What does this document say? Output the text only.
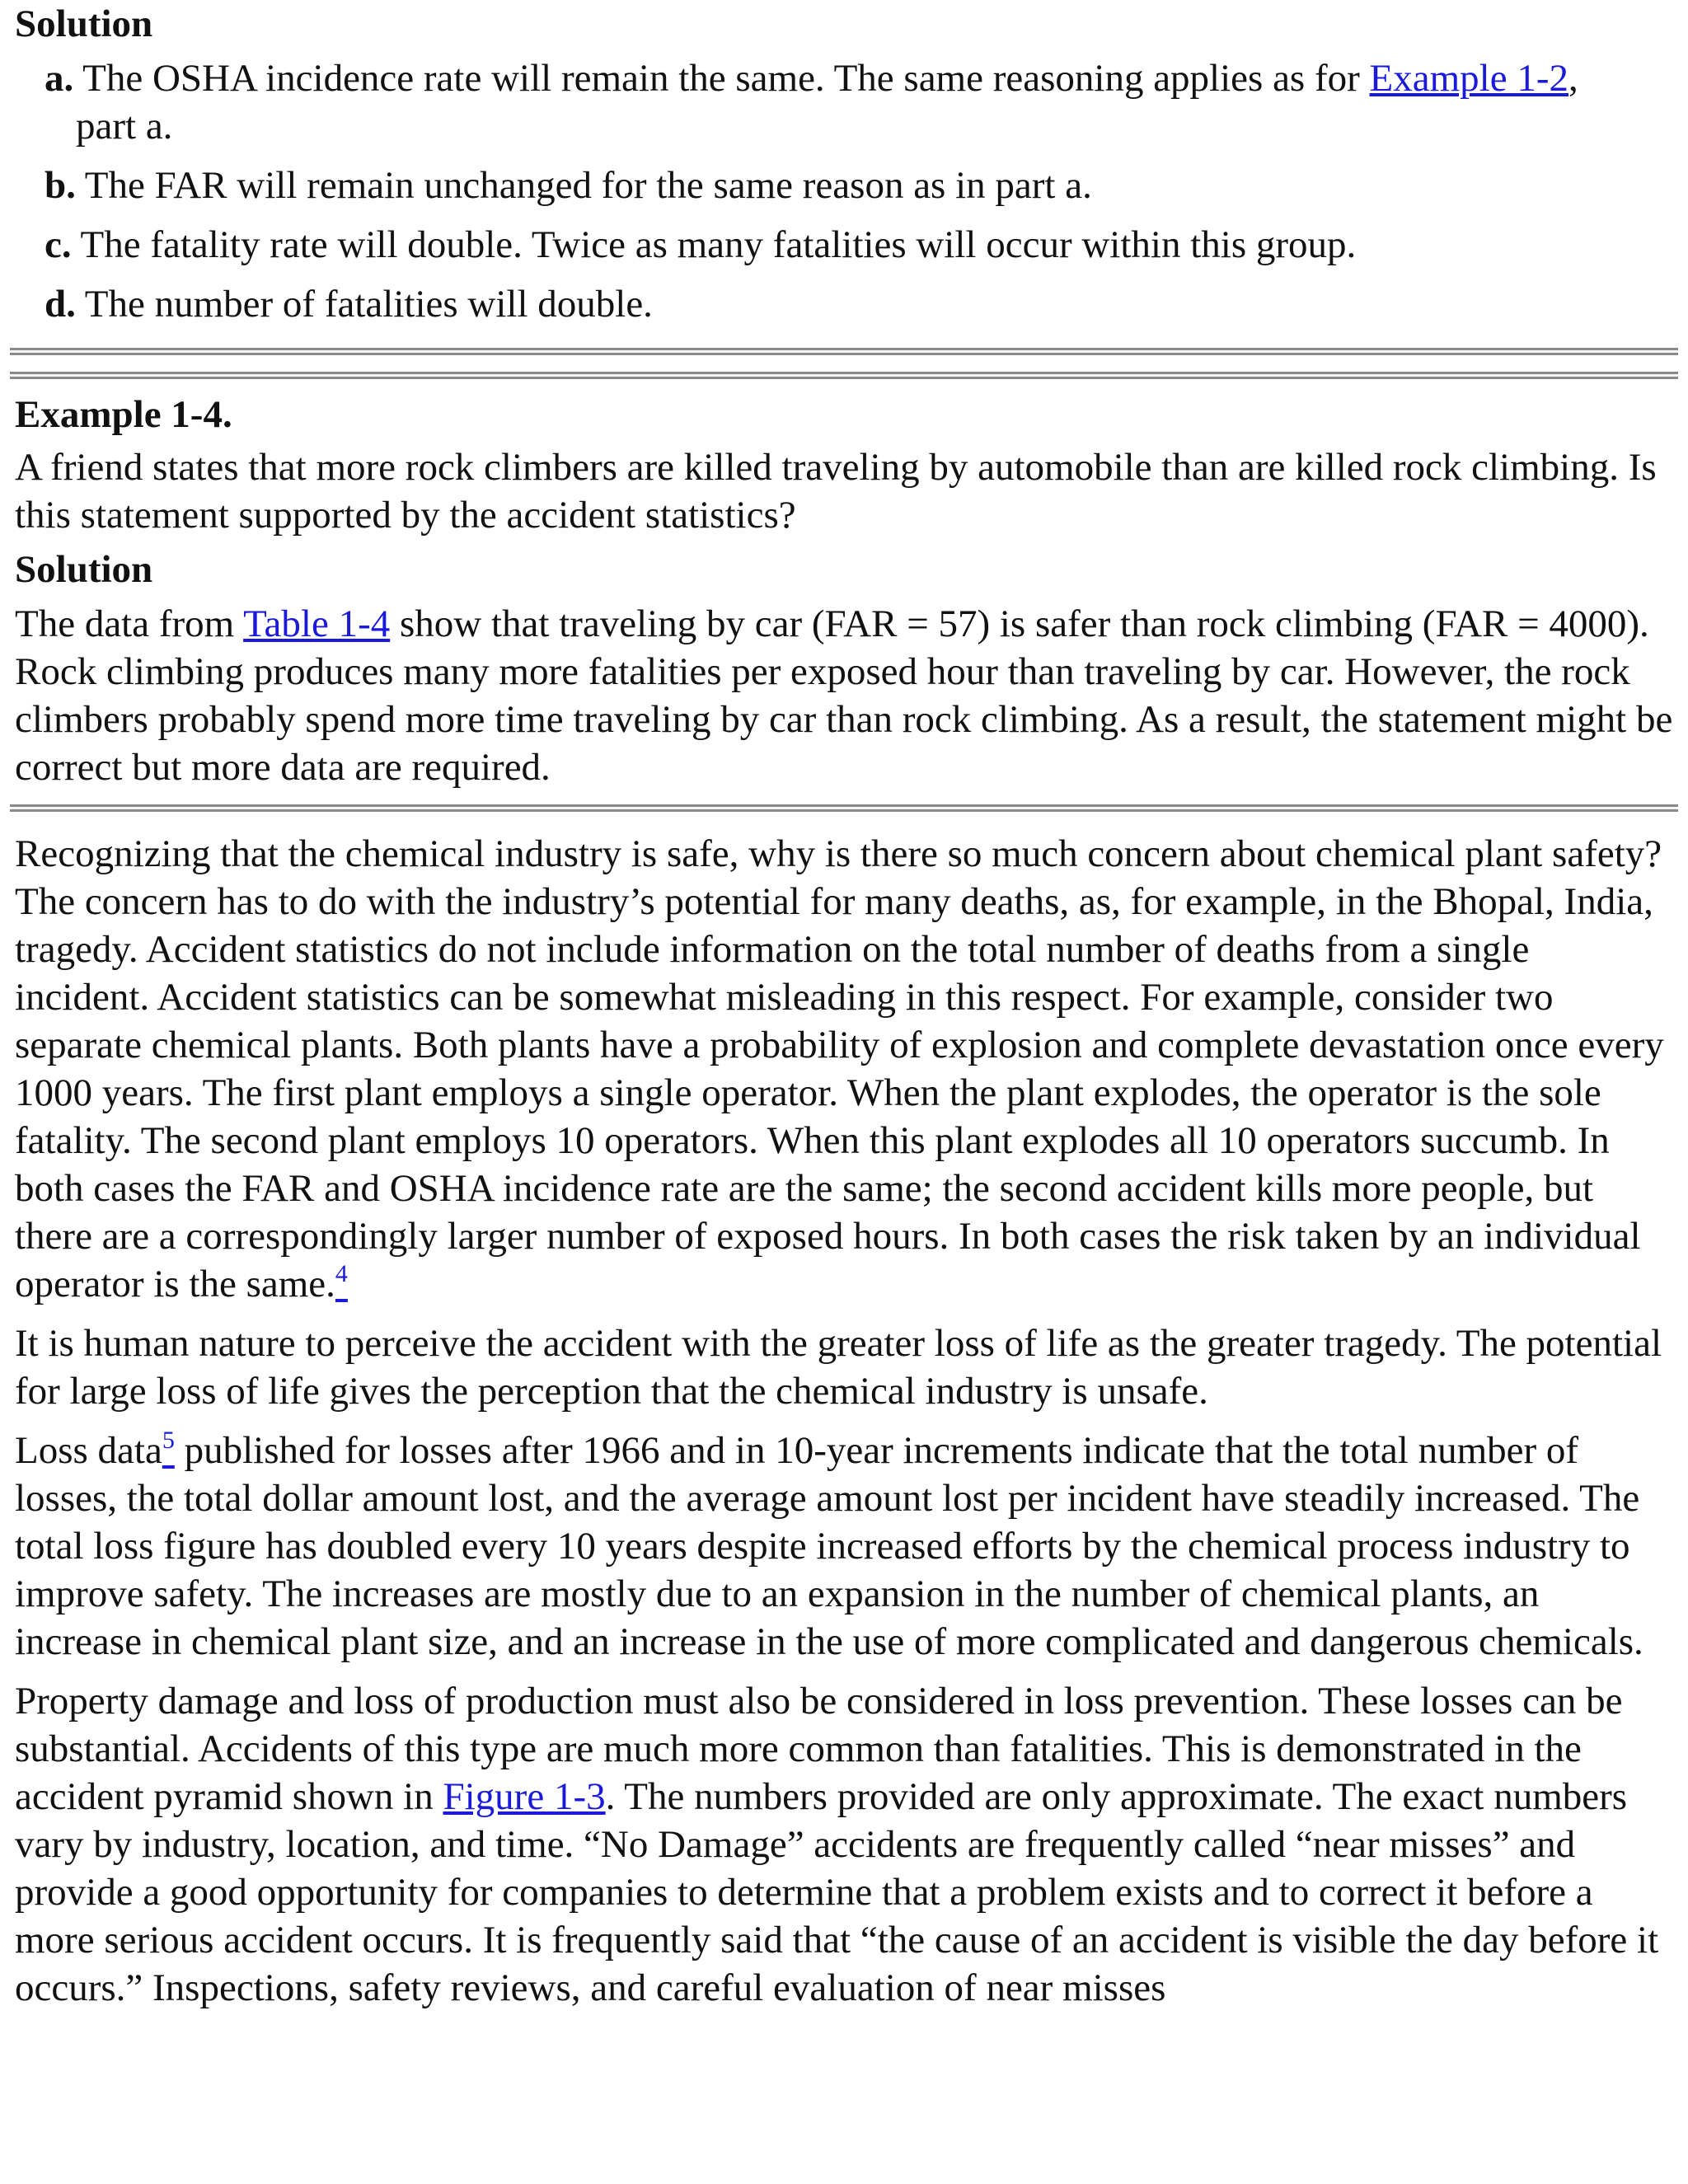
Solution

a. The OSHA incidence rate will remain the same. The same reasoning applies as for Example 1-2,

part a.

b. The FAR will remain unchanged for the same reason as in part a.

c. The fatality rate will double. Twice as many fatalities will occur within this group.

d. The number of fatalities will double.

Example 1-4.

A friend states that more rock climbers are killed traveling by automobile than are killed rock climbing. Is this statement supported by the accident statistics?

Solution

The data from Table 1-4 show that traveling by car (FAR = 57) is safer than rock climbing (FAR = 4000). Rock climbing produces many more fatalities per exposed hour than traveling by car. However, the rock climbers probably spend more time traveling by car than rock climbing. As a result, the statement might be correct but more data are required.

Recognizing that the chemical industry is safe, why is there so much concern about chemical plant safety? The concern has to do with the industry’s potential for many deaths, as, for example, in the Bhopal, India, tragedy. Accident statistics do not include information on the total number of deaths from a single incident. Accident statistics can be somewhat misleading in this respect. For example, consider two separate chemical plants. Both plants have a probability of explosion and complete devastation once every 1000 years. The first plant employs a single operator. When the plant explodes, the operator is the sole fatality. The second plant employs 10 operators. When this plant explodes all 10 operators succumb. In both cases the FAR and OSHA incidence rate are the same; the second accident kills more people, but there are a correspondingly larger number of exposed hours. In both cases the risk taken by an individual operator is the same.$^4$

It is human nature to perceive the accident with the greater loss of life as the greater tragedy. The potential for large loss of life gives the perception that the chemical industry is unsafe.

Loss data$^5$ published for losses after 1966 and in 10-year increments indicate that the total number of losses, the total dollar amount lost, and the average amount lost per incident have steadily increased. The total loss figure has doubled every 10 years despite increased efforts by the chemical process industry to improve safety. The increases are mostly due to an expansion in the number of chemical plants, an increase in chemical plant size, and an increase in the use of more complicated and dangerous chemicals.

Property damage and loss of production must also be considered in loss prevention. These losses can be substantial. Accidents of this type are much more common than fatalities. This is demonstrated in the accident pyramid shown in Figure 1-3. The numbers provided are only approximate. The exact numbers vary by industry, location, and time. “No Damage” accidents are frequently called “near misses” and provide a good opportunity for companies to determine that a problem exists and to correct it before a more serious accident occurs. It is frequently said that “the cause of an accident is visible the day before it occurs.” Inspections, safety reviews, and careful evaluation of near misses
